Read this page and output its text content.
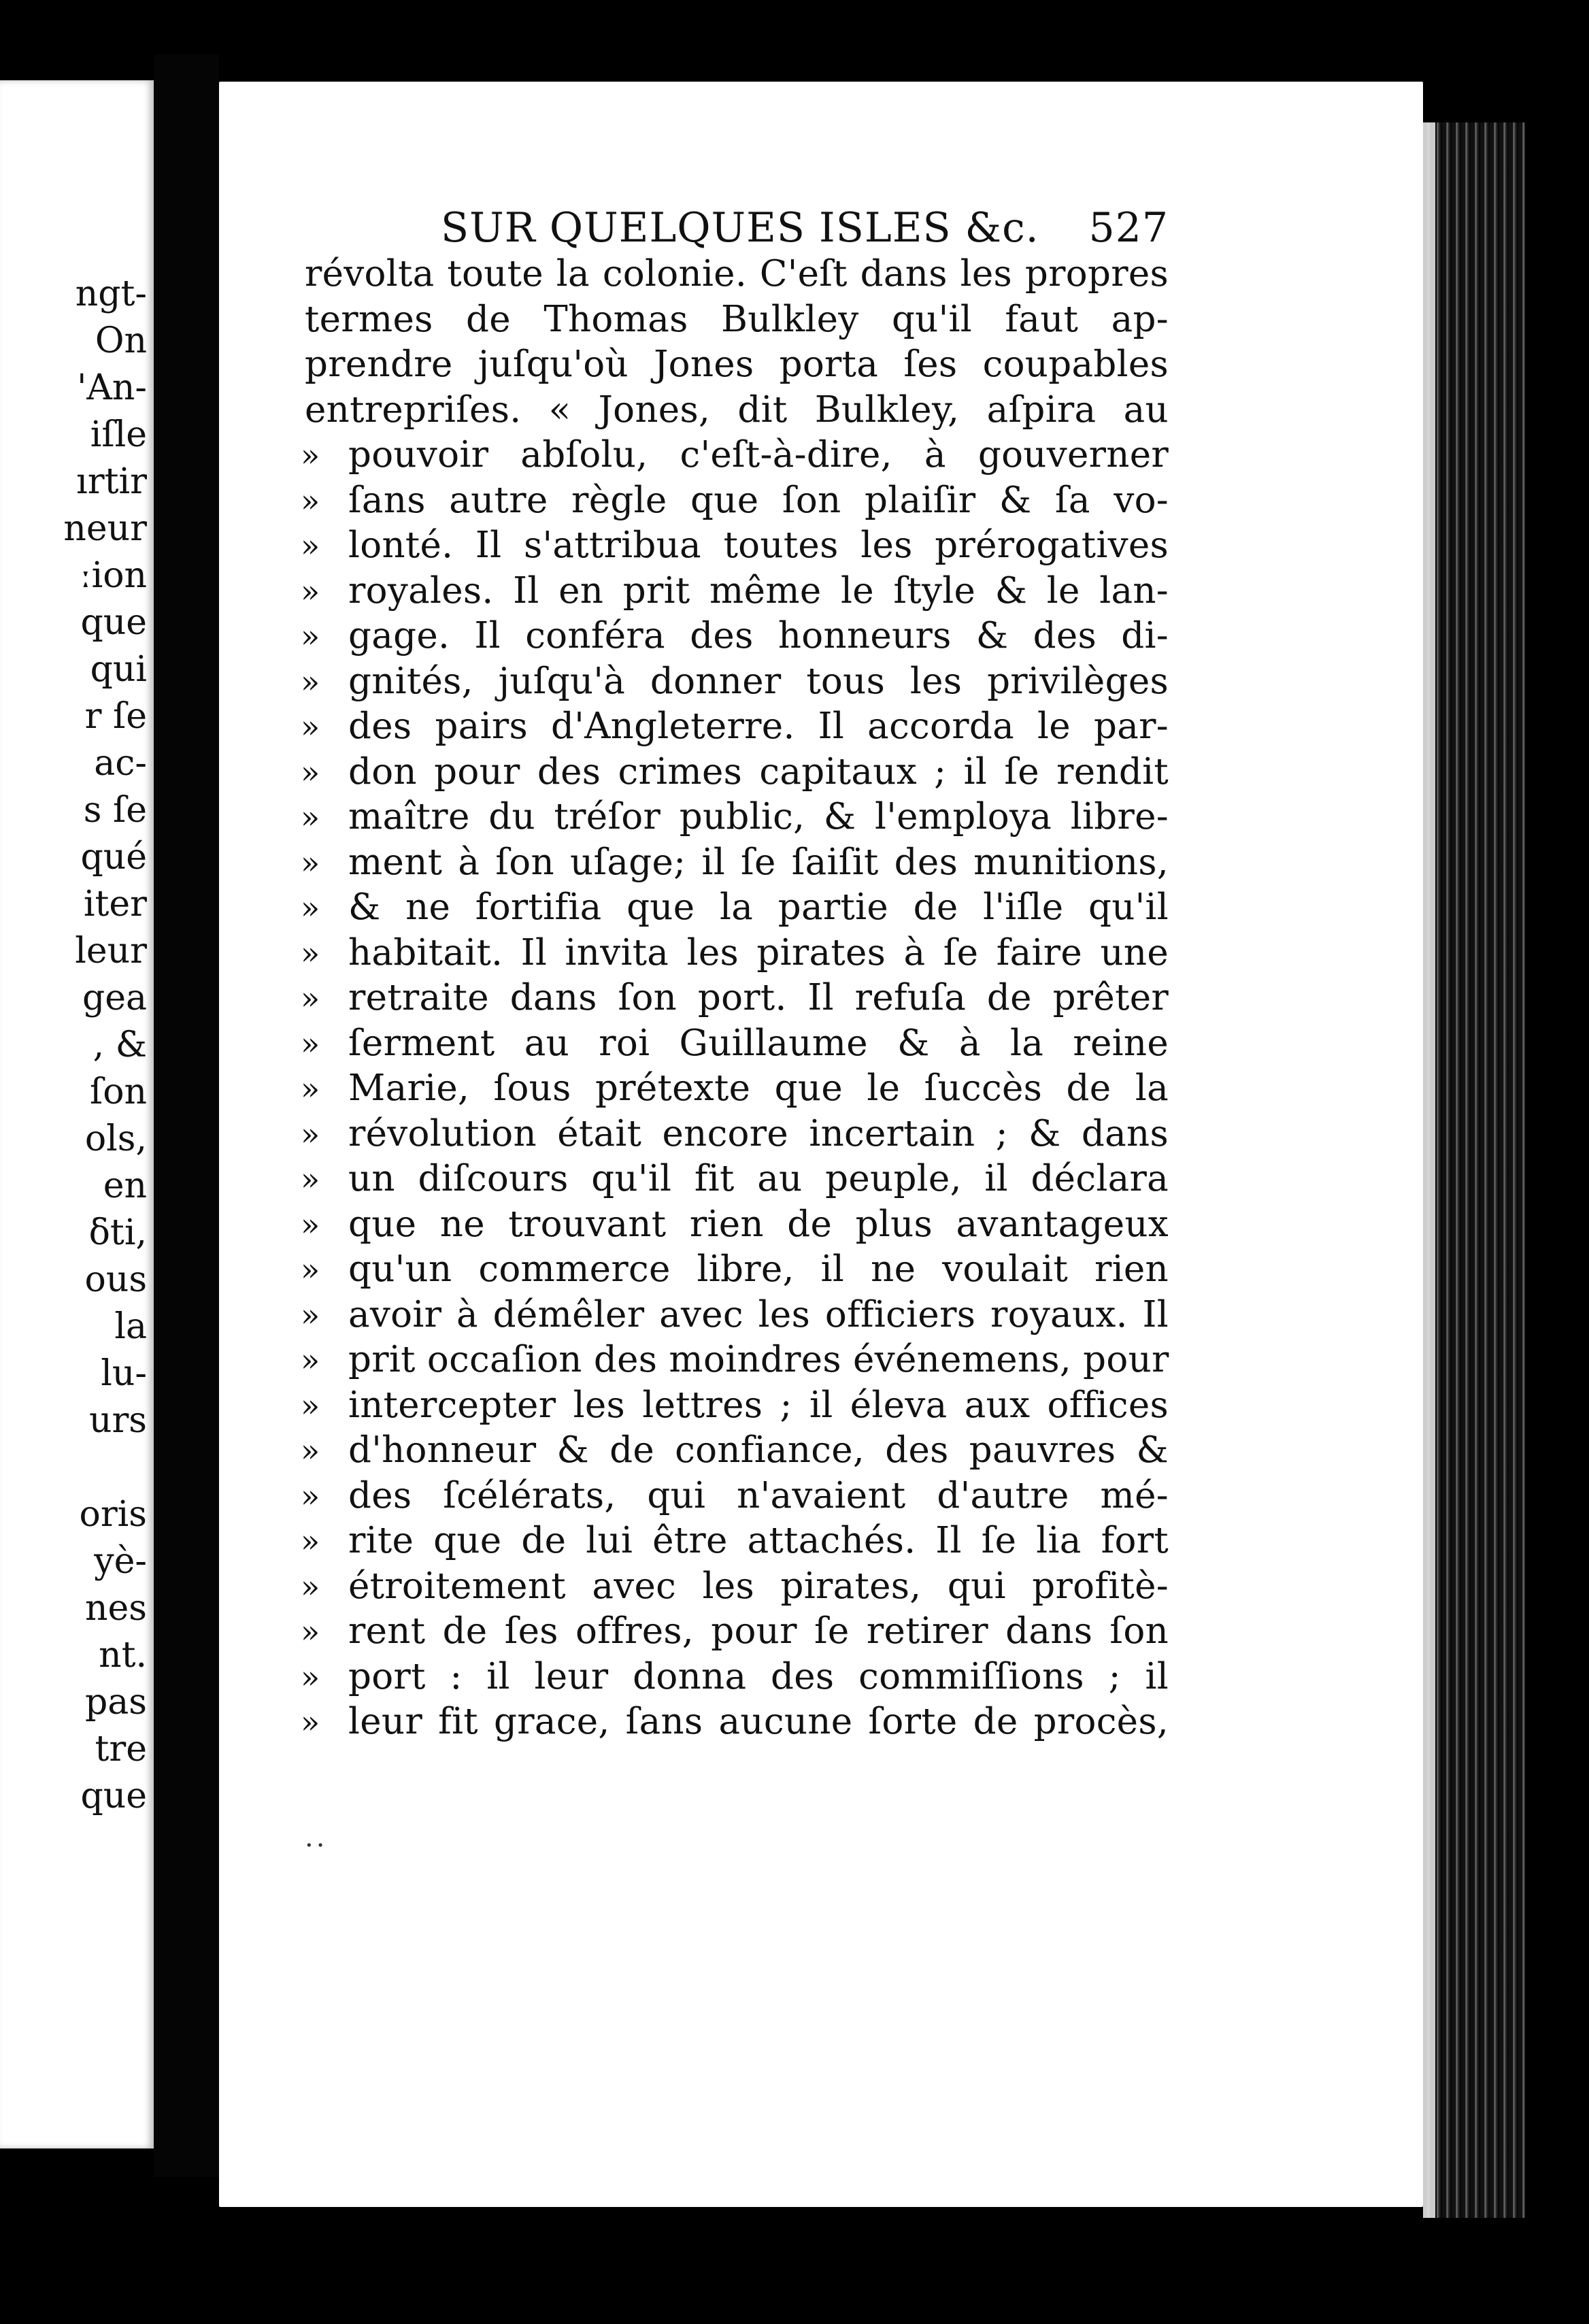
ngt-
On
'An-
iſle
ırtir
neur
ːion
que
qui
r ſe
ac-
s ſe
qué
iter
leur
gea
, &
ſon
ols,
en
δti,
ous
la
lu-
urs
oris
yè-
nes
nt.
pas
tre
que
SUR QUELQUES ISLES &c. 527
révolta toute la colonie. C'eſt dans les propres
termes de Thomas Bulkley qu'il faut ap-
prendre juſqu'où Jones porta ſes coupables
entrepriſes. « Jones, dit Bulkley, aſpira au
» pouvoir abſolu, c'eſt-à-dire, à gouverner
» ſans autre règle que ſon plaiſir & ſa vo-
» lonté. Il s'attribua toutes les prérogatives
» royales. Il en prit même le ſtyle & le lan-
» gage. Il conféra des honneurs & des di-
» gnités, juſqu'à donner tous les privilèges
» des pairs d'Angleterre. Il accorda le par-
» don pour des crimes capitaux ; il ſe rendit
» maître du tréſor public, & l'employa libre-
» ment à ſon uſage; il ſe ſaiſit des munitions,
» & ne fortifia que la partie de l'iſle qu'il
» habitait. Il invita les pirates à ſe faire une
» retraite dans ſon port. Il refuſa de prêter
» ſerment au roi Guillaume & à la reine
» Marie, ſous prétexte que le ſuccès de la
» révolution était encore incertain ; & dans
» un diſcours qu'il fit au peuple, il déclara
» que ne trouvant rien de plus avantageux
» qu'un commerce libre, il ne voulait rien
» avoir à démêler avec les officiers royaux. Il
» prit occaſion des moindres événemens, pour
» intercepter les lettres ; il éleva aux offices
» d'honneur & de confiance, des pauvres &
» des ſcélérats, qui n'avaient d'autre mé-
» rite que de lui être attachés. Il ſe lia fort
» étroitement avec les pirates, qui profitè-
» rent de ſes offres, pour ſe retirer dans ſon
» port : il leur donna des commiſſions ; il
» leur fit grace, ſans aucune ſorte de procès,
··
